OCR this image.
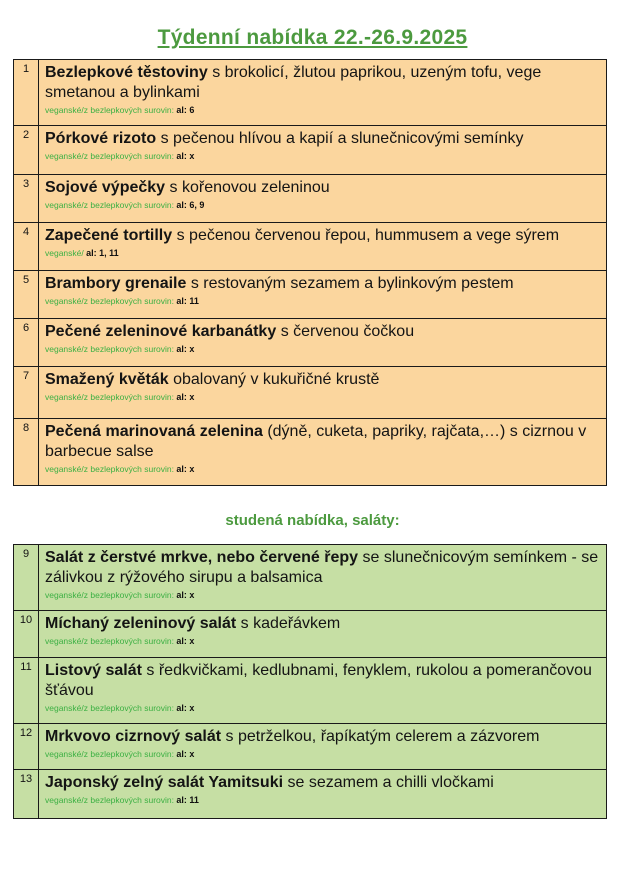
Týdenní nabídka 22.-26.9.2025
1	Bezlepkové těstoviny s brokolicí, žlutou paprikou, uzeným tofu, vege smetanou a bylinkami

veganské/z bezlepkových surovin: al: 6

2	Pórkové rizoto s pečenou hlívou a kapií a slunečnicovými semínky

veganské/z bezlepkových surovin: al: x

3	Sojové výpečky s kořenovou zeleninou

veganské/z bezlepkových surovin: al: 6, 9

4	Zapečené tortilly s pečenou červenou řepou, hummusem a vege sýrem

veganské/ al: 1, 11

5	Brambory grenaile s restovaným sezamem a bylinkovým pestem

veganské/z bezlepkových surovin: al: 11

6	Pečené zeleninové karbanátky s červenou čočkou

veganské/z bezlepkových surovin: al: x

7	Smažený květák obalovaný v kukuřičné krustě

veganské/z bezlepkových surovin: al: x

8	Pečená marinovaná zelenina (dýně, cuketa, papriky, rajčata,…) s cizrnou v barbecue salse

veganské/z bezlepkových surovin: al: x

studená nabídka, saláty:
9	Salát z čerstvé mrkve, nebo červené řepy se slunečnicovým semínkem - se zálivkou z rýžového sirupu a balsamica

veganské/z bezlepkových surovin: al: x

10	Míchaný zeleninový salát s kadeřávkem

veganské/z bezlepkových surovin: al: x

11	Listový salát s ředkvičkami, kedlubnami, fenyklem, rukolou a pomerančovou šťávou

veganské/z bezlepkových surovin: al: x

12	Mrkvovo cizrnový salát s petrželkou, řapíkatým celerem a zázvorem

veganské/z bezlepkových surovin: al: x

13	Japonský zelný salát Yamitsuki se sezamem a chilli vločkami

veganské/z bezlepkových surovin: al: 11
